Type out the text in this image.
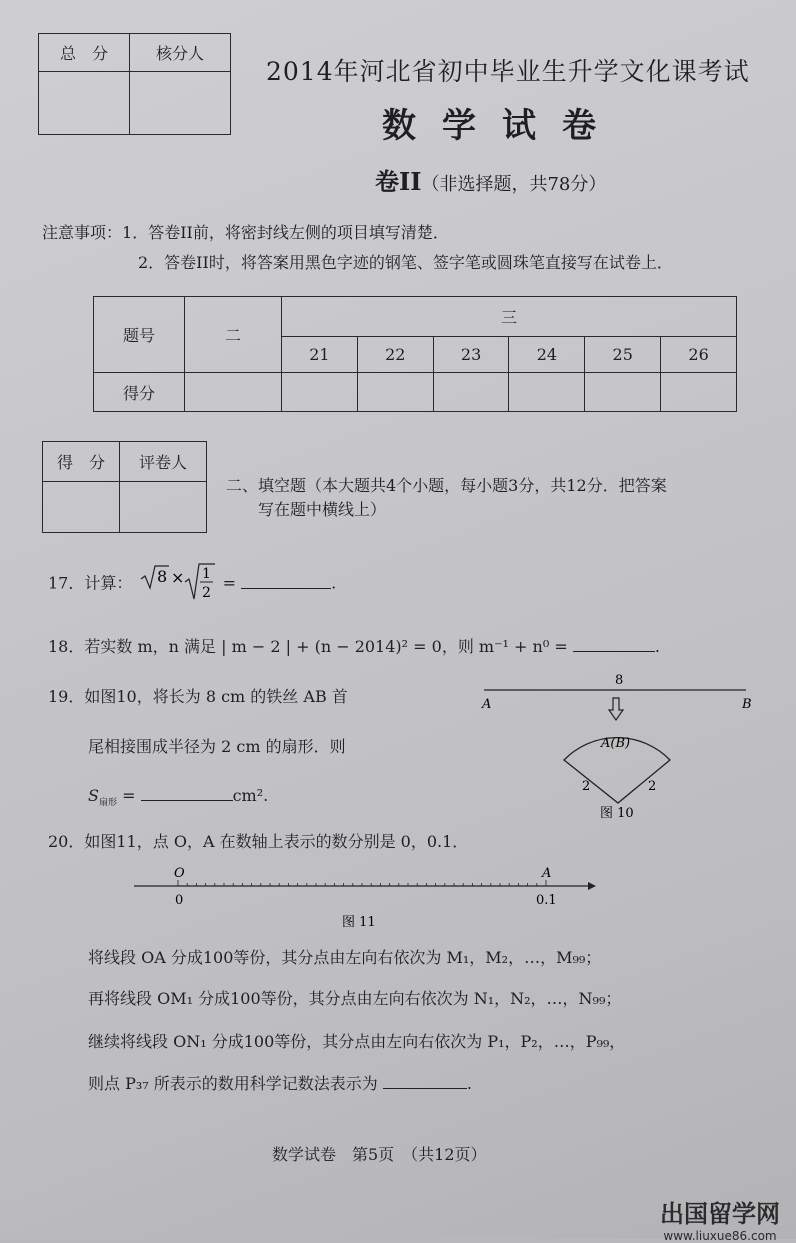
总　分	核分人

2014年河北省初中毕业生升学文化课考试
数学试卷
卷II（非选择题，共78分）
注意事项：1．答卷II前，将密封线左侧的项目填写清楚．
2．答卷II时，将答案用黑色字迹的钢笔、签字笔或圆珠笔直接写在试卷上．
题号	二	三					
		21	22	23	24	25	26
得分							
得　分	评卷人

二、填空题（本大题共4个小题，每小题3分，共12分．把答案
写在题中横线上）
17．计算： 8 × 1
2
=	.
18．若实数 m，n 满足 | m − 2 | + (n − 2014)² = 0，则 m⁻¹ + n⁰ =	.
19．如图10，将长为 8 cm 的铁丝 AB 首
尾相接围成半径为 2 cm 的扇形．则
$S_{扇形}$ =	cm².
8
A	B
A(B)
2	2
图 10
20．如图11，点 O，A 在数轴上表示的数分别是 0，0.1．
O	A
0	0.1
图 11
将线段 OA 分成100等份，其分点由左向右依次为 M₁，M₂，…，M₉₉；
再将线段 OM₁ 分成100等份，其分点由左向右依次为 N₁，N₂，…，N₉₉；
继续将线段 ON₁ 分成100等份，其分点由左向右依次为 P₁，P₂，…，P₉₉，
则点 P₃₇ 所表示的数用科学记数法表示为	.
数学试卷　第5页　（共12页）
出国留学网
www.liuxue86.com
